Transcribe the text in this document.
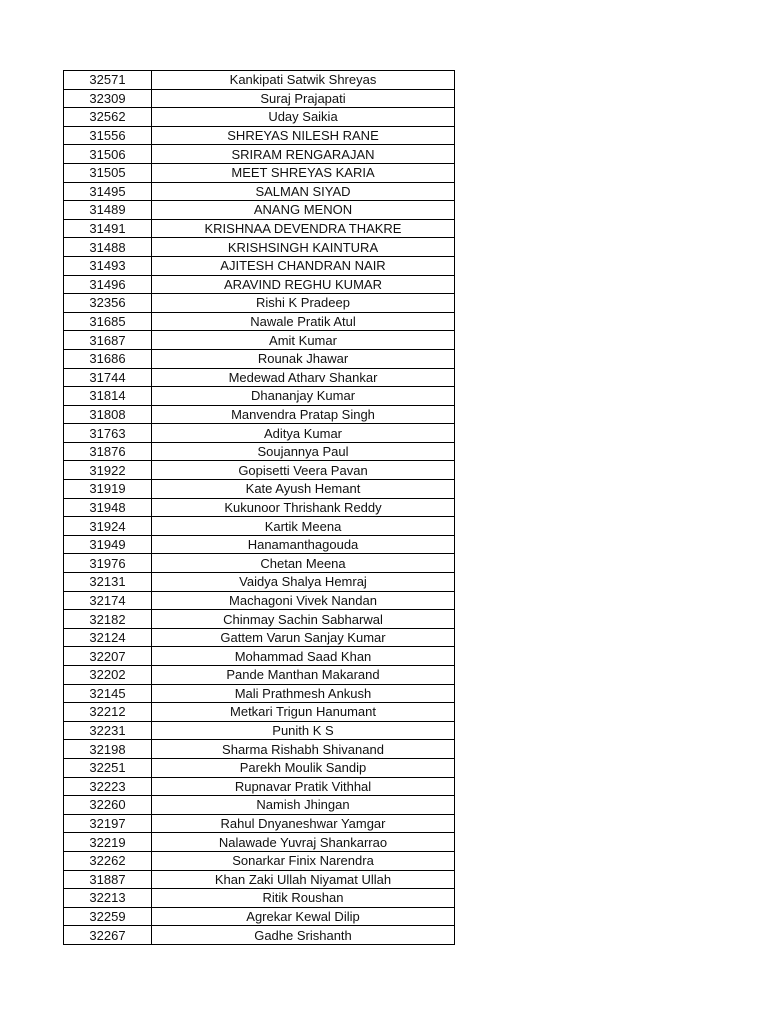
32571	Kankipati Satwik Shreyas
32309	Suraj Prajapati
32562	Uday Saikia
31556	SHREYAS NILESH RANE
31506	SRIRAM RENGARAJAN
31505	MEET SHREYAS KARIA
31495	SALMAN SIYAD
31489	ANANG MENON
31491	KRISHNAA DEVENDRA THAKRE
31488	KRISHSINGH KAINTURA
31493	AJITESH CHANDRAN NAIR
31496	ARAVIND REGHU KUMAR
32356	Rishi K Pradeep
31685	Nawale Pratik Atul
31687	Amit Kumar
31686	Rounak Jhawar
31744	Medewad Atharv Shankar
31814	Dhananjay Kumar
31808	Manvendra Pratap Singh
31763	Aditya Kumar
31876	Soujannya Paul
31922	Gopisetti Veera Pavan
31919	Kate Ayush Hemant
31948	Kukunoor Thrishank Reddy
31924	Kartik Meena
31949	Hanamanthagouda
31976	Chetan Meena
32131	Vaidya Shalya Hemraj
32174	Machagoni Vivek Nandan
32182	Chinmay Sachin Sabharwal
32124	Gattem Varun Sanjay Kumar
32207	Mohammad Saad Khan
32202	Pande Manthan Makarand
32145	Mali Prathmesh Ankush
32212	Metkari Trigun Hanumant
32231	Punith K S
32198	Sharma Rishabh Shivanand
32251	Parekh Moulik Sandip
32223	Rupnavar Pratik Vithhal
32260	Namish Jhingan
32197	Rahul Dnyaneshwar Yamgar
32219	Nalawade Yuvraj Shankarrao
32262	Sonarkar Finix Narendra
31887	Khan Zaki Ullah Niyamat Ullah
32213	Ritik Roushan
32259	Agrekar Kewal Dilip
32267	Gadhe Srishanth
